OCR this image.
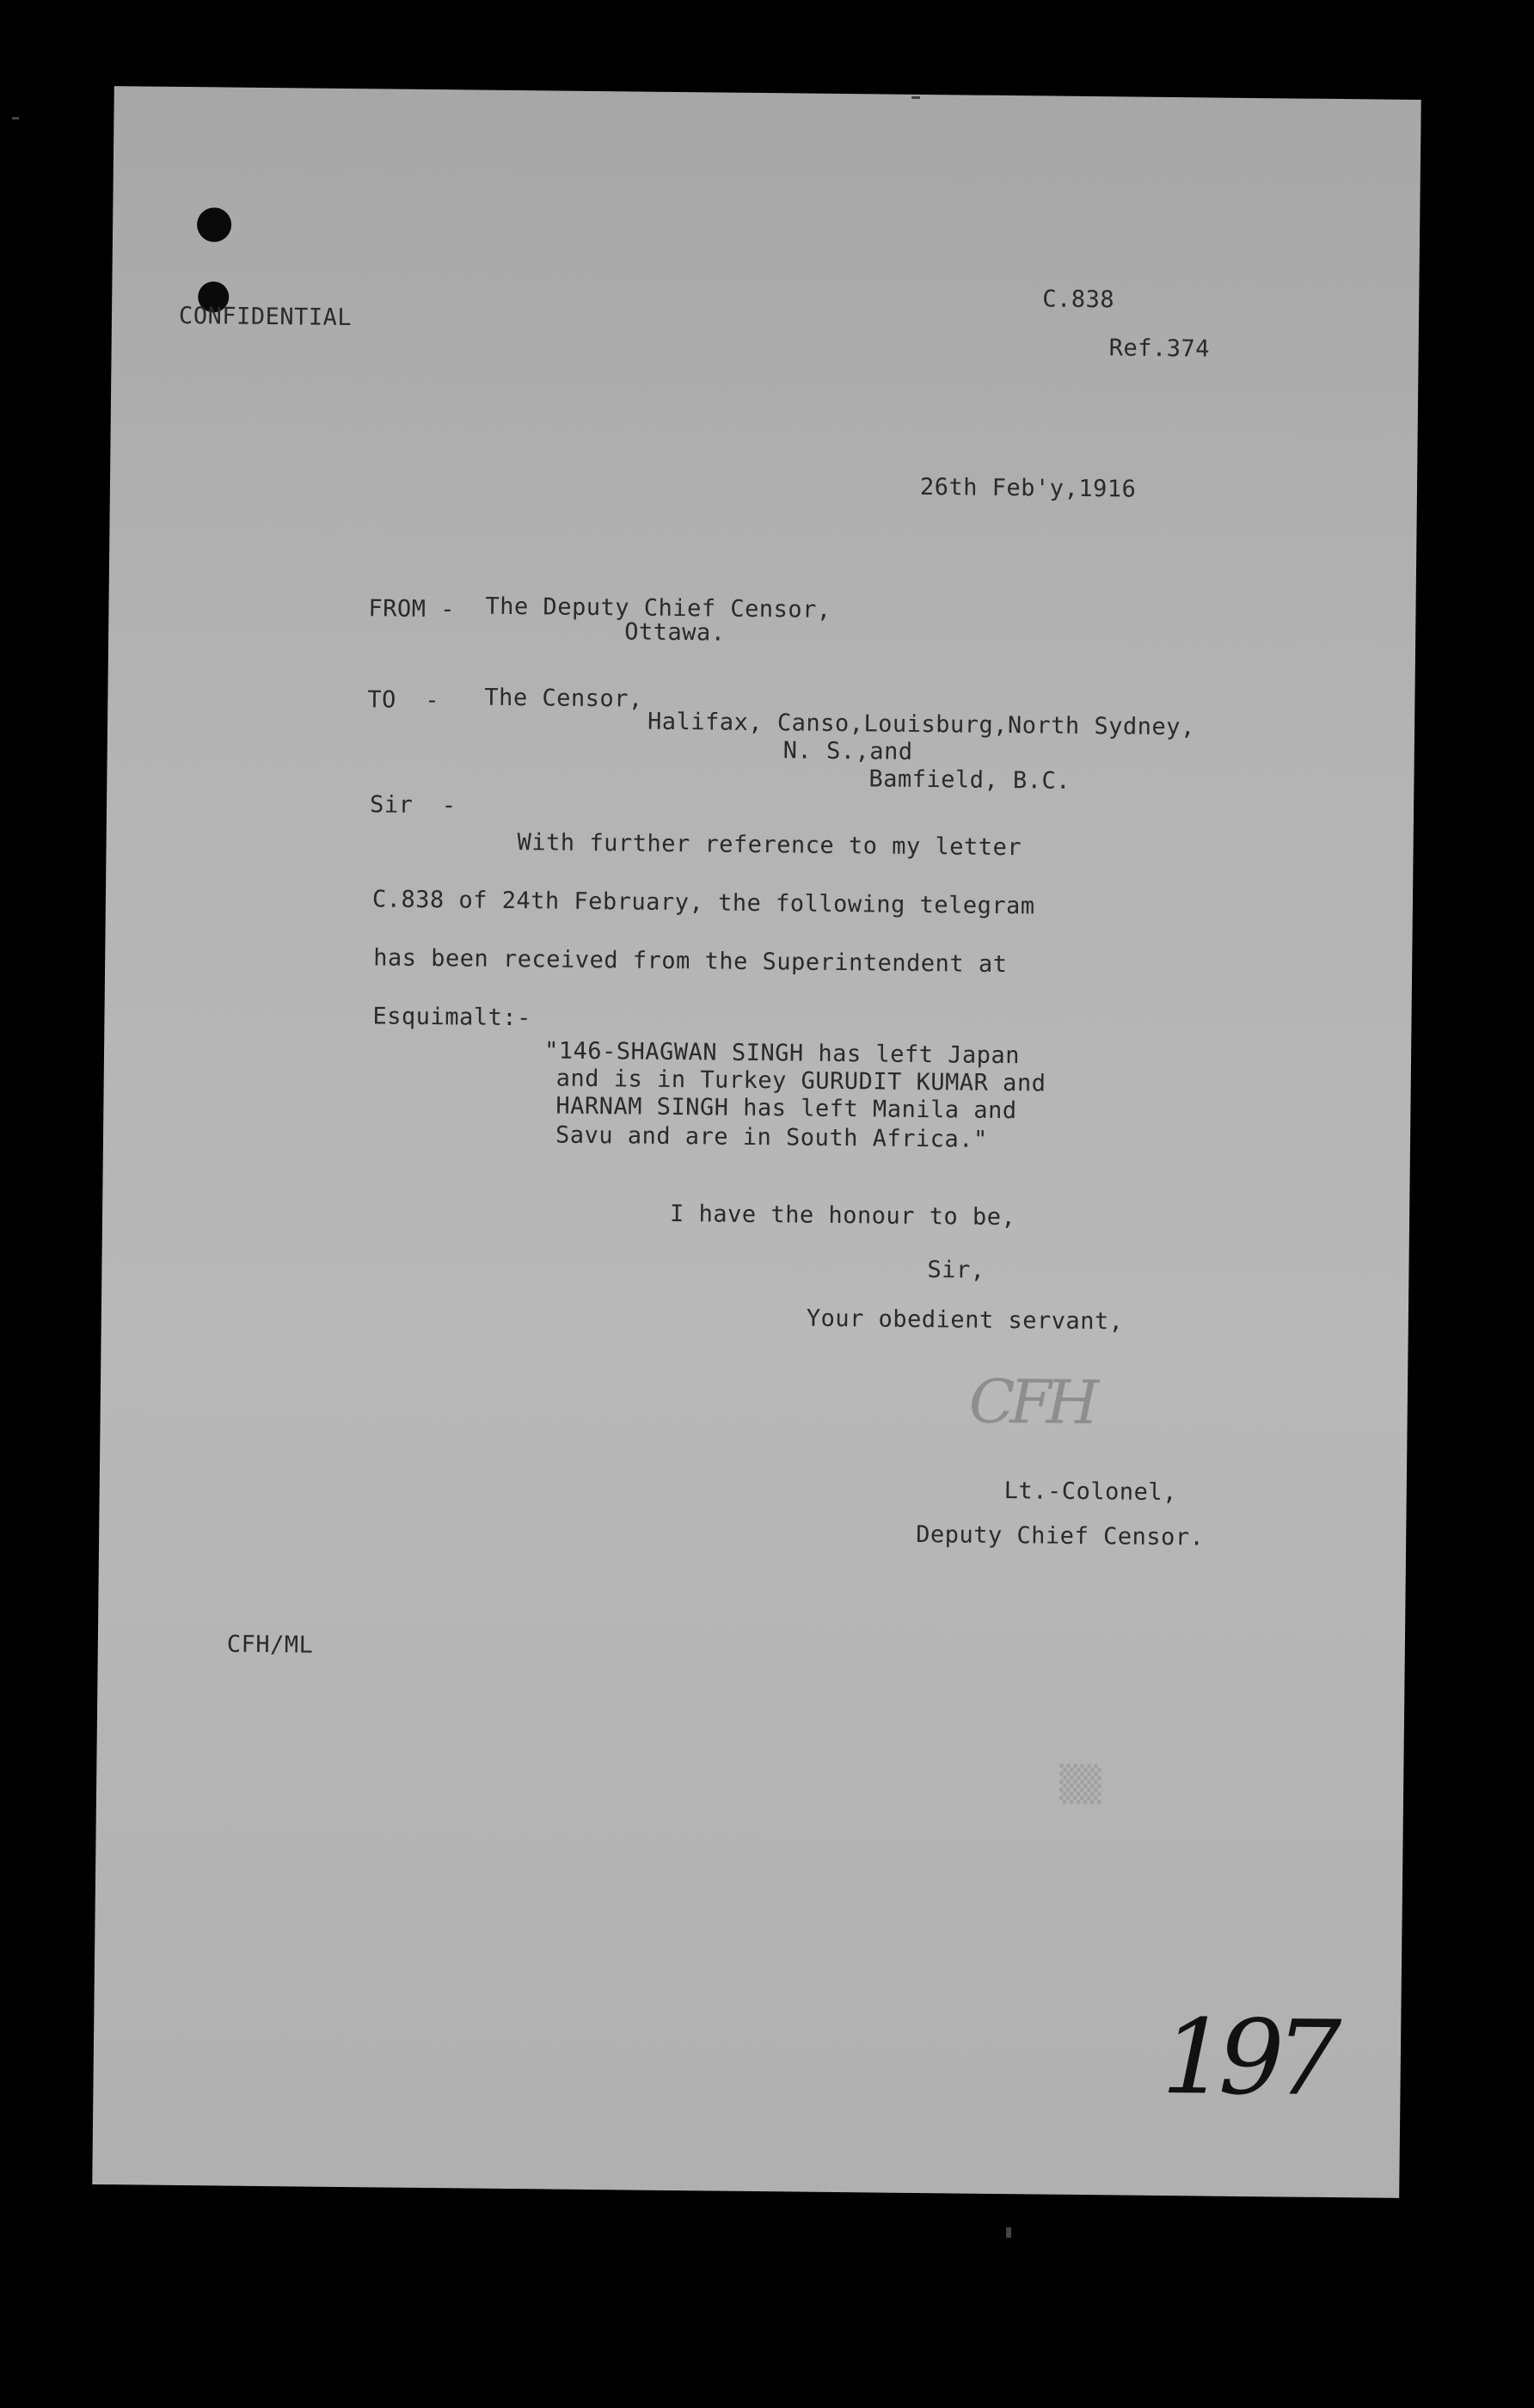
CONFIDENTIAL
C.838
Ref.374
26th Feb'y,1916
FROM - The Deputy Chief Censor,
Ottawa.
TO  - The Censor,
Halifax, Canso,Louisburg,North Sydney,
N. S.,and
Bamfield, B.C.
Sir  -
With further reference to my letter
C.838 of 24th February, the following telegram
has been received from the Superintendent at
Esquimalt:-
"146-SHAGWAN SINGH has left Japan
and is in Turkey GURUDIT KUMAR and
HARNAM SINGH has left Manila and
Savu and are in South Africa."
I have the honour to be,
Sir,
Your obedient servant,
CFH
Lt.-Colonel,
Deputy Chief Censor.
CFH/ML
▒▒
197
